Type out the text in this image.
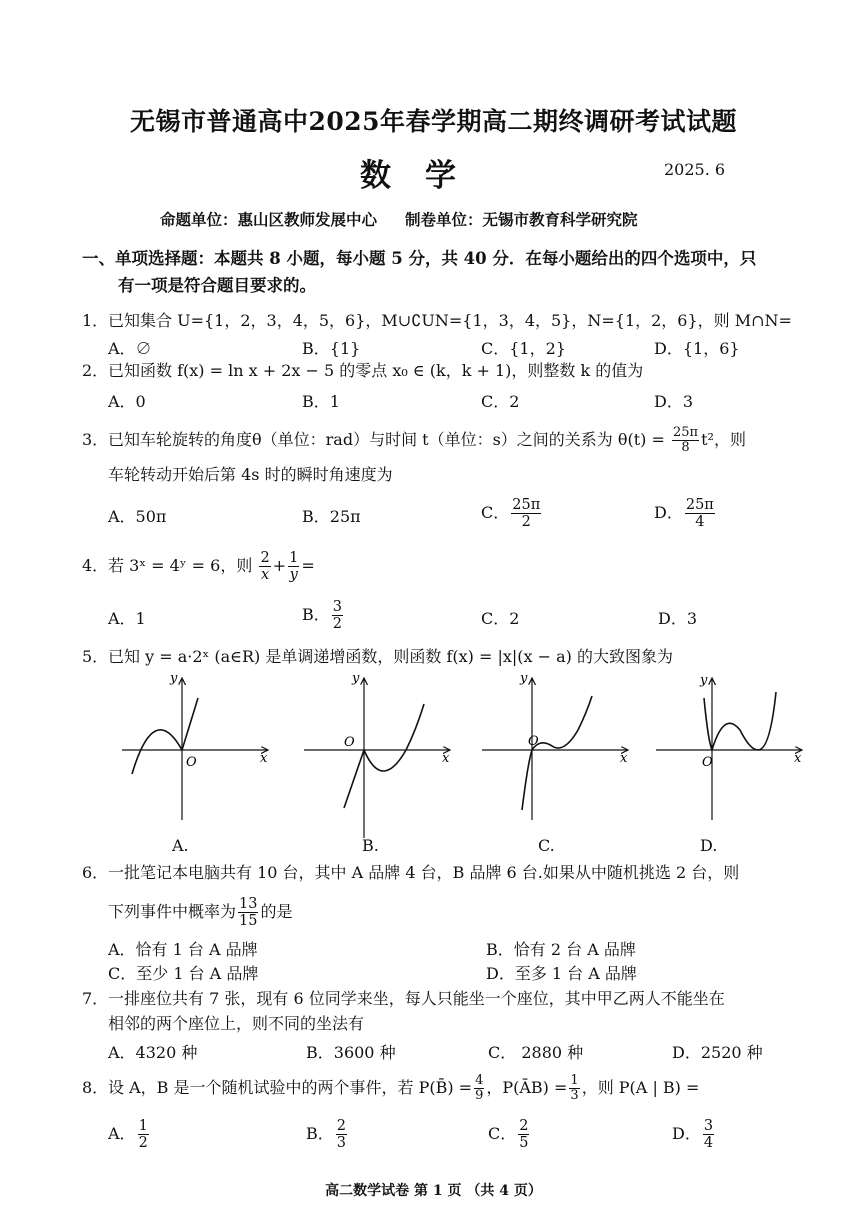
无锡市普通高中2025年春学期高二期终调研考试试题
数学	2025. 6
命题单位：惠山区教师发展中心 制卷单位：无锡市教育科学研究院
一、单项选择题：本题共 8 小题，每小题 5 分，共 40 分．在每小题给出的四个选项中，只
有一项是符合题目要求的。
1．已知集合 U={1，2，3，4，5，6}，M∪∁UN={1，3，4，5}，N={1，2，6}，则 M∩N=
A．∅	B．{1}	C．{1，2}	D．{1，6}
2．已知函数 f(x) = ln x + 2x − 5 的零点 x₀ ∈ (k，k + 1)，则整数 k 的值为
A．0	B．1	C．2	D．3
3．已知车轮旋转的角度θ（单位：rad）与时间 t（单位：s）之间的关系为 $\theta(t) = \frac{25\pi}{8} t^2$，则
车轮转动开始后第 4s 时的瞬时角速度为
A．50π	B．25π	C． $\frac{25\pi}{2}$	D． $\frac{25\pi}{4}$
4．若 3ˣ = 4ʸ = 6，则 $\frac{2}{x} + \frac{1}{y}$ =
A．1	B． $\frac{3}{2}$	C．2	D．3
5．已知 y = a·2ˣ (a∈R) 是单调递增函数，则函数 f(x) = |x|(x − a) 的大致图象为
y
x
O
y
x
O
y
x
O
y
x
O
A.	B.	C.	D.
6．一批笔记本电脑共有 10 台，其中 A 品牌 4 台，B 品牌 6 台.如果从中随机挑选 2 台，则
下列事件中概率为 $\frac{13}{15}$ 的是
A．恰有 1 台 A 品牌	B．恰有 2 台 A 品牌
C．至少 1 台 A 品牌	D．至多 1 台 A 品牌
7．一排座位共有 7 张，现有 6 位同学来坐，每人只能坐一个座位，其中甲乙两人不能坐在
相邻的两个座位上，则不同的坐法有
A．4320 种	B．3600 种	C． 2880 种	D．2520 种
8．设 A，B 是一个随机试验中的两个事件，若 P(B̄) = $\frac{4}{9}$ ，P(ĀB) = $\frac{1}{3}$ ，则 P(A | B) =
A． $\frac{1}{2}$	B． $\frac{2}{3}$	C． $\frac{2}{5}$	D． $\frac{3}{4}$
高二数学试卷 第 1 页 （共 4 页）
